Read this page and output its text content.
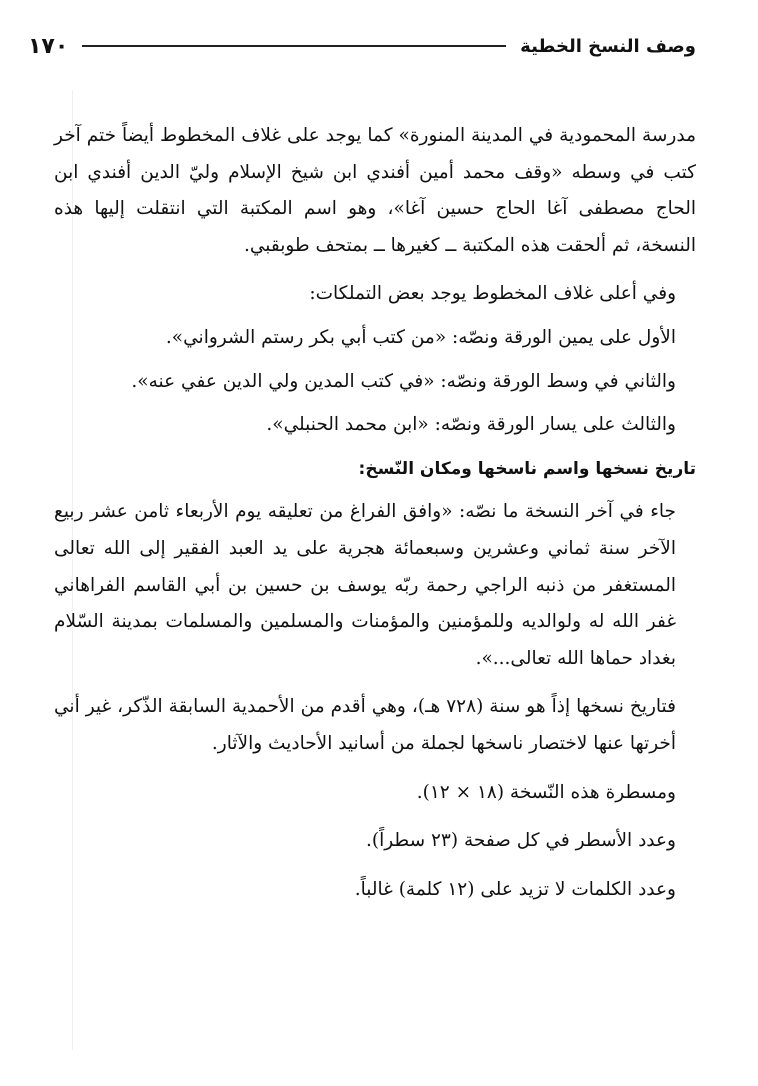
وصف النسخ الخطية
١٧٠

مدرسة المحمودية في المدينة المنورة» كما يوجد على غلاف المخطوط أيضاً ختم آخر كتب في وسطه «وقف محمد أمين أفندي ابن شيخ الإسلام وليّ الدين أفندي ابن الحاج مصطفى آغا الحاج حسين آغا»، وهو اسم المكتبة التي انتقلت إليها هذه النسخة، ثم ألحقت هذه المكتبة ــ كغيرها ــ بمتحف طوبقبي.

وفي أعلى غلاف المخطوط يوجد بعض التملكات:

الأول على يمين الورقة ونصّه: «من كتب أبي بكر رستم الشرواني».

والثاني في وسط الورقة ونصّه: «في كتب المدين ولي الدين عفي عنه».

والثالث على يسار الورقة ونصّه: «ابن محمد الحنبلي».

تاريخ نسخها واسم ناسخها ومكان النّسخ:

جاء في آخر النسخة ما نصّه: «وافق الفراغ من تعليقه يوم الأربعاء ثامن عشر ربيع الآخر سنة ثماني وعشرين وسبعمائة هجرية على يد العبد الفقير إلى الله تعالى المستغفر من ذنبه الراجي رحمة ربّه يوسف بن حسين بن أبي القاسم الفراهاني غفر الله له ولوالديه وللمؤمنين والمؤمنات والمسلمين والمسلمات بمدينة السّلام بغداد حماها الله تعالى...».

فتاريخ نسخها إذاً هو سنة (٧٢٨ هـ)، وهي أقدم من الأحمدية السابقة الذّكر، غير أني أخرتها عنها لاختصار ناسخها لجملة من أسانيد الأحاديث والآثار.

ومسطرة هذه النّسخة (١٨ × ١٢).

وعدد الأسطر في كل صفحة (٢٣ سطراً).

وعدد الكلمات لا تزيد على (١٢ كلمة) غالباً.
